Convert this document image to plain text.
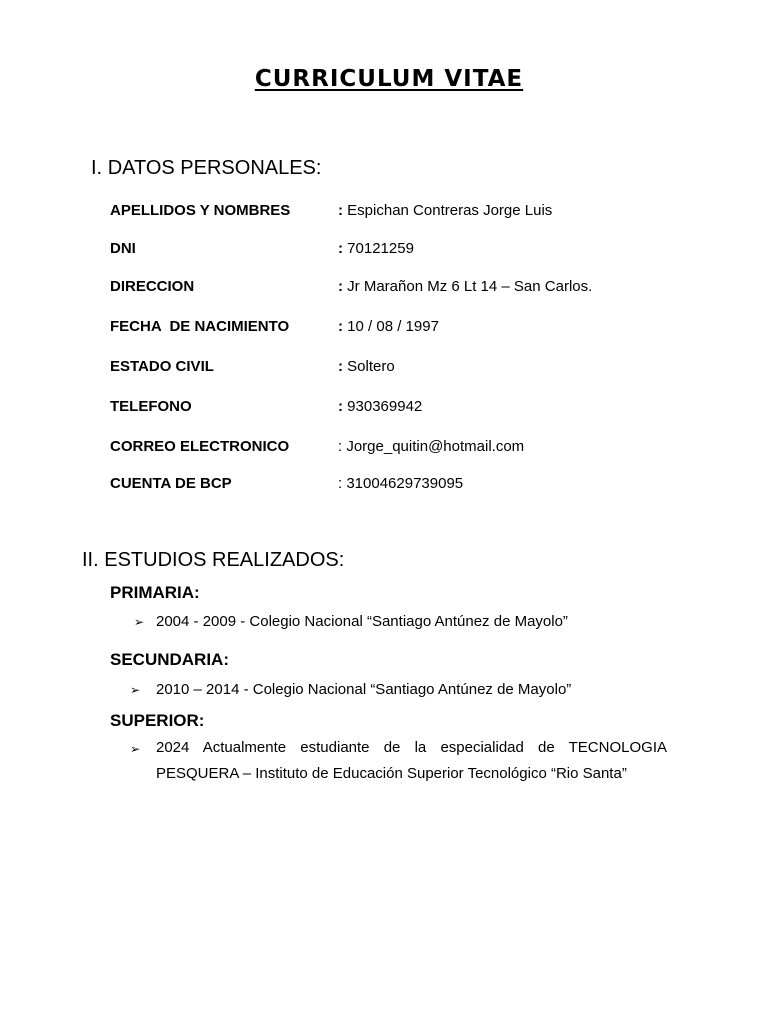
CURRICULUM VITAE
I. DATOS PERSONALES:
APELLIDOS Y NOMBRES	: Espichan Contreras Jorge Luis
DNI	: 70121259
DIRECCION	: Jr Marañon Mz 6 Lt 14 – San Carlos.
FECHA  DE NACIMIENTO	: 10 / 08 / 1997
ESTADO CIVIL	: Soltero
TELEFONO	: 930369942
CORREO ELECTRONICO	: Jorge_quitin@hotmail.com
CUENTA DE BCP	: 31004629739095
II. ESTUDIOS REALIZADOS:
PRIMARIA:
➢ 2004 - 2009 - Colegio Nacional “Santiago Antúnez de Mayolo”
SECUNDARIA:
➢ 2010 – 2014 - Colegio Nacional “Santiago Antúnez de Mayolo”
SUPERIOR:
➢ 2024 Actualmente estudiante de la especialidad de TECNOLOGIA PESQUERA – Instituto de Educación Superior Tecnológico “Rio Santa”
